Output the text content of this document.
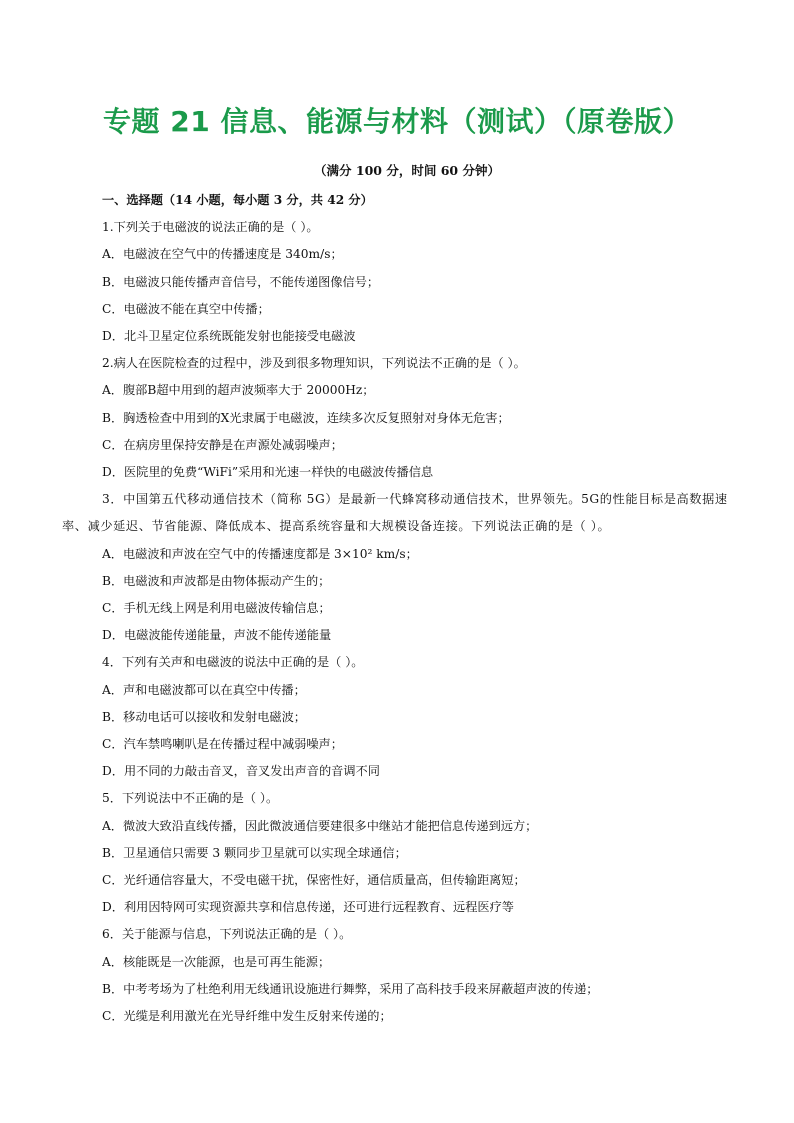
专题 21 信息、能源与材料（测试）（原卷版）
（满分 100 分，时间 60 分钟）
一、选择题（14 小题，每小题 3 分，共 42 分）
1.下列关于电磁波的说法正确的是（ ）。
A．电磁波在空气中的传播速度是 340m/s；
B．电磁波只能传播声音信号，不能传递图像信号；
C．电磁波不能在真空中传播；
D．北斗卫星定位系统既能发射也能接受电磁波
2.病人在医院检查的过程中，涉及到很多物理知识，下列说法不正确的是（ ）。
A．腹部B超中用到的超声波频率大于 20000Hz；
B．胸透检查中用到的X光隶属于电磁波，连续多次反复照射对身体无危害；
C．在病房里保持安静是在声源处减弱噪声；
D．医院里的免费“WiFi”采用和光速一样快的电磁波传播信息
3．中国第五代移动通信技术（简称 5G）是最新一代蜂窝移动通信技术，世界领先。5G的性能目标是高数据速率、减少延迟、节省能源、降低成本、提高系统容量和大规模设备连接。下列说法正确的是（ ）。
A．电磁波和声波在空气中的传播速度都是 3×10² km/s；
B．电磁波和声波都是由物体振动产生的；
C．手机无线上网是利用电磁波传输信息；
D．电磁波能传递能量，声波不能传递能量
4．下列有关声和电磁波的说法中正确的是（ ）。
A．声和电磁波都可以在真空中传播；
B．移动电话可以接收和发射电磁波；
C．汽车禁鸣喇叭是在传播过程中减弱噪声；
D．用不同的力敲击音叉，音叉发出声音的音调不同
5．下列说法中不正确的是（ ）。
A．微波大致沿直线传播，因此微波通信要建很多中继站才能把信息传递到远方；
B．卫星通信只需要 3 颗同步卫星就可以实现全球通信；
C．光纤通信容量大，不受电磁干扰，保密性好，通信质量高，但传输距离短；
D．利用因特网可实现资源共享和信息传递，还可进行远程教育、远程医疗等
6．关于能源与信息，下列说法正确的是（ ）。
A．核能既是一次能源，也是可再生能源；
B．中考考场为了杜绝利用无线通讯设施进行舞弊，采用了高科技手段来屏蔽超声波的传递；
C．光缆是利用激光在光导纤维中发生反射来传递的；
